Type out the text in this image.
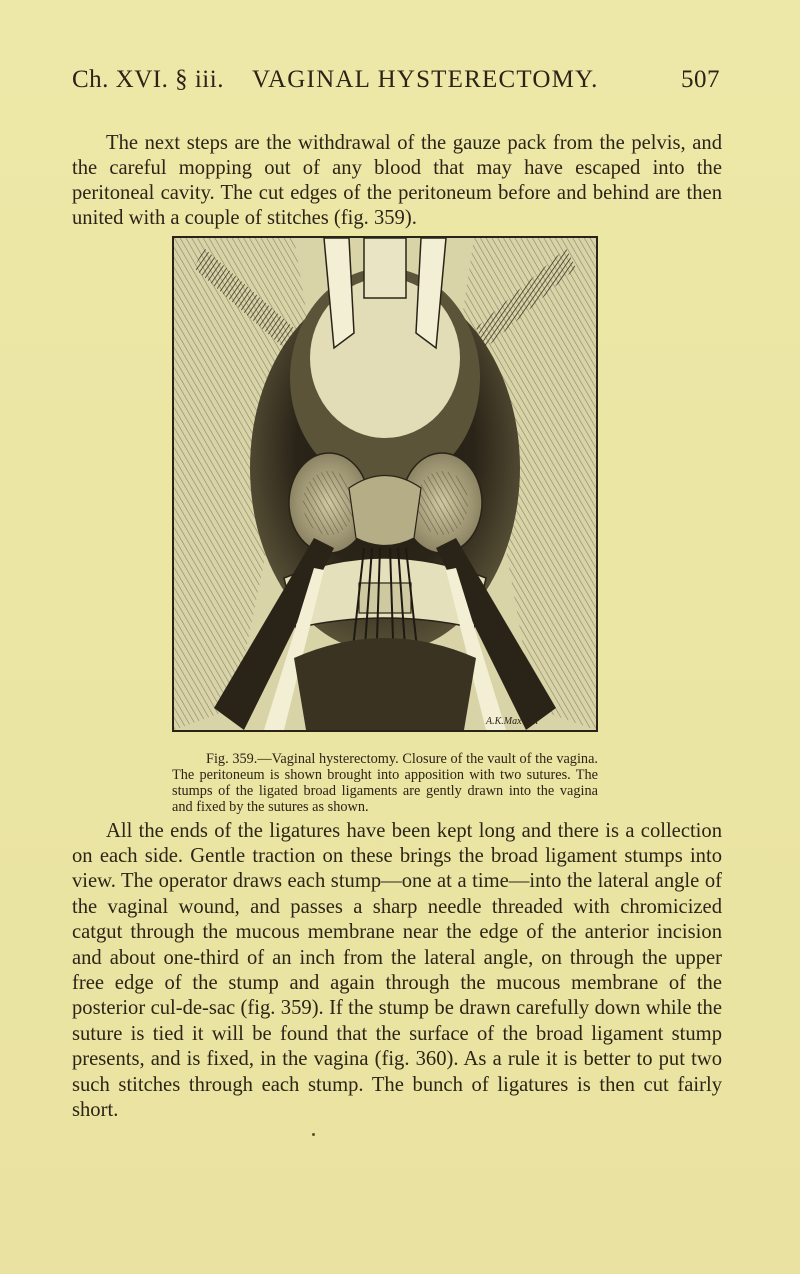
Ch. XVI. § iii. VAGINAL HYSTERECTOMY.	507

The next steps are the withdrawal of the gauze pack from the pelvis, and the careful mopping out of any blood that may have escaped into the peritoneal cavity. The cut edges of the peritoneum before and behind are then united with a couple of stitches (fig. 359).

A.K.Maxwell

Fig. 359.—Vaginal hysterectomy. Closure of the vault of the vagina. The peritoneum is shown brought into apposition with two sutures. The stumps of the ligated broad ligaments are gently drawn into the vagina and fixed by the sutures as shown.

All the ends of the ligatures have been kept long and there is a collection on each side. Gentle traction on these brings the broad ligament stumps into view. The operator draws each stump—one at a time—into the lateral angle of the vaginal wound, and passes a sharp needle threaded with chromicized catgut through the mucous membrane near the edge of the anterior incision and about one-third of an inch from the lateral angle, on through the upper free edge of the stump and again through the mucous membrane of the posterior cul-de-sac (fig. 359). If the stump be drawn carefully down while the suture is tied it will be found that the surface of the broad ligament stump presents, and is fixed, in the vagina (fig. 360). As a rule it is better to put two such stitches through each stump. The bunch of ligatures is then cut fairly short.
